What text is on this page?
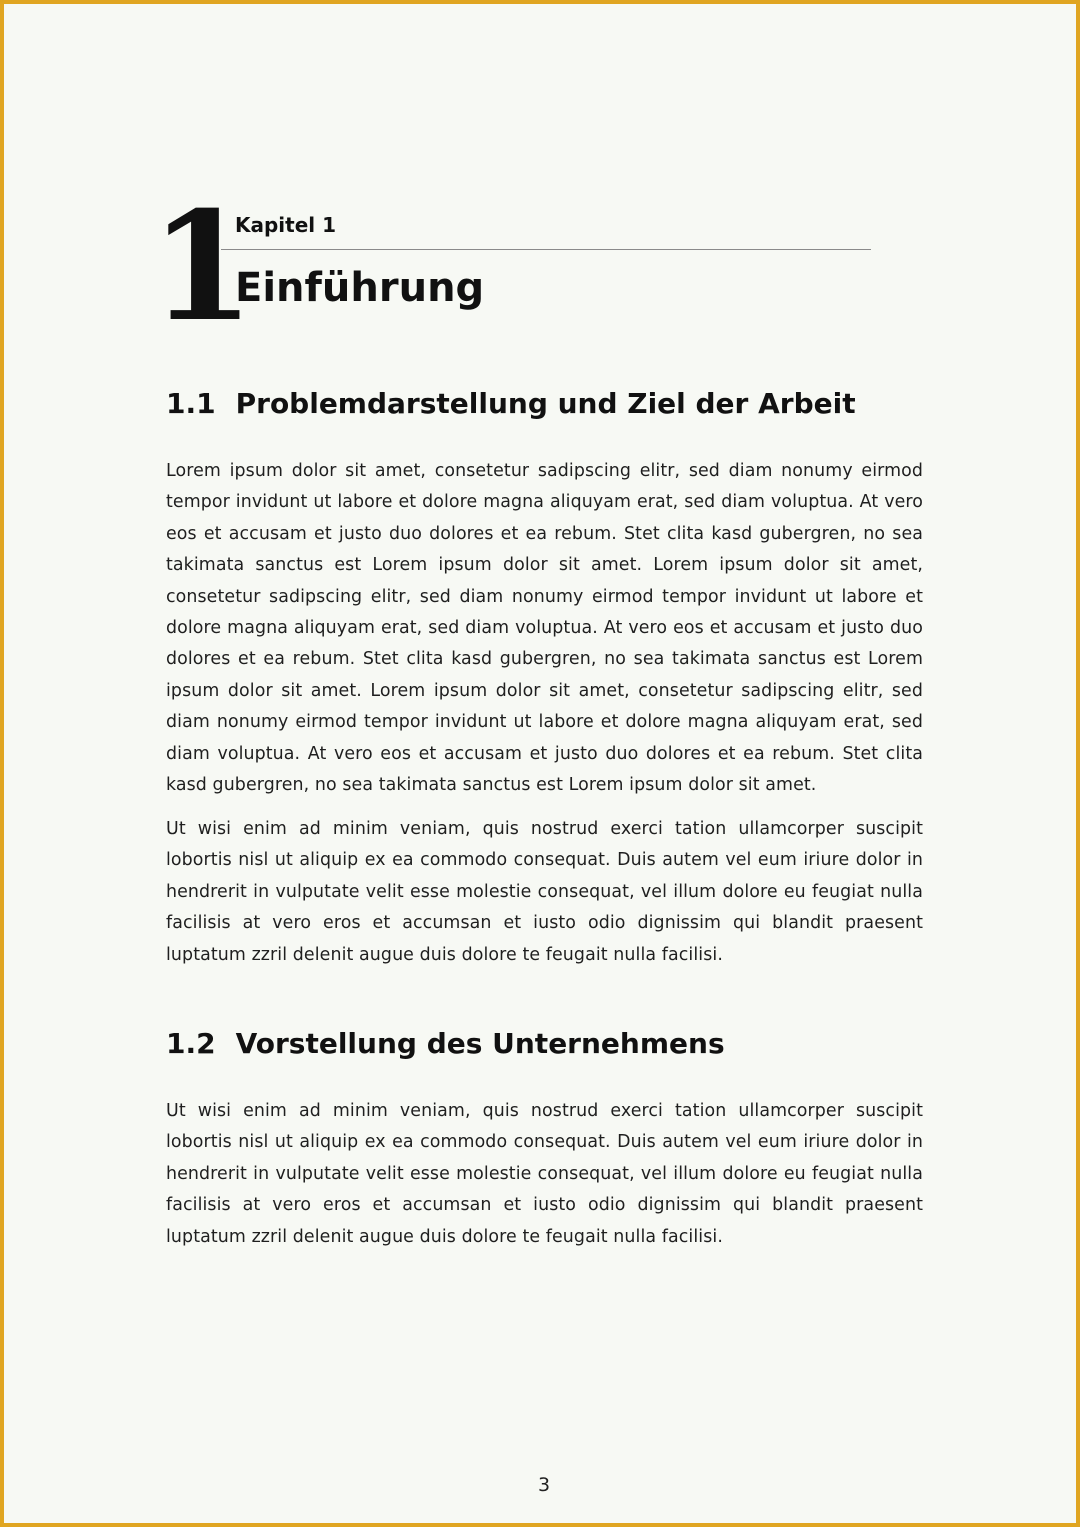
1
Kapitel 1
Einführung
1.1 Problemdarstellung und Ziel der Arbeit

Lorem ipsum dolor sit amet, consetetur sadipscing elitr, sed diam nonumy eirmod tempor invidunt ut labore et dolore magna aliquyam erat, sed diam voluptua. At vero eos et accusam et justo duo dolores et ea rebum. Stet clita kasd gubergren, no sea takimata sanctus est Lorem ipsum dolor sit amet. Lorem ipsum dolor sit amet, consetetur sadipscing elitr, sed diam nonumy eirmod tempor invidunt ut labore et dolore magna aliquyam erat, sed diam voluptua. At vero eos et accusam et justo duo dolores et ea rebum. Stet clita kasd gubergren, no sea takimata sanctus est Lorem ipsum dolor sit amet. Lorem ipsum dolor sit amet, consetetur sadipscing elitr, sed diam nonumy eirmod tempor invidunt ut labore et dolore magna aliquyam erat, sed diam voluptua. At vero eos et accusam et justo duo dolores et ea rebum. Stet clita kasd gubergren, no sea takimata sanctus est Lorem ipsum dolor sit amet.

Ut wisi enim ad minim veniam, quis nostrud exerci tation ullamcorper suscipit lobortis nisl ut aliquip ex ea commodo consequat. Duis autem vel eum iriure dolor in hendrerit in vulputate velit esse molestie consequat, vel illum dolore eu feugiat nulla facilisis at vero eros et accumsan et iusto odio dignissim qui blandit praesent luptatum zzril delenit augue duis dolore te feugait nulla facilisi.

1.2 Vorstellung des Unternehmens

Ut wisi enim ad minim veniam, quis nostrud exerci tation ullamcorper suscipit lobortis nisl ut aliquip ex ea commodo consequat. Duis autem vel eum iriure dolor in hendrerit in vulputate velit esse molestie consequat, vel illum dolore eu feugiat nulla facilisis at vero eros et accumsan et iusto odio dignissim qui blandit praesent luptatum zzril delenit augue duis dolore te feugait nulla facilisi.

3
